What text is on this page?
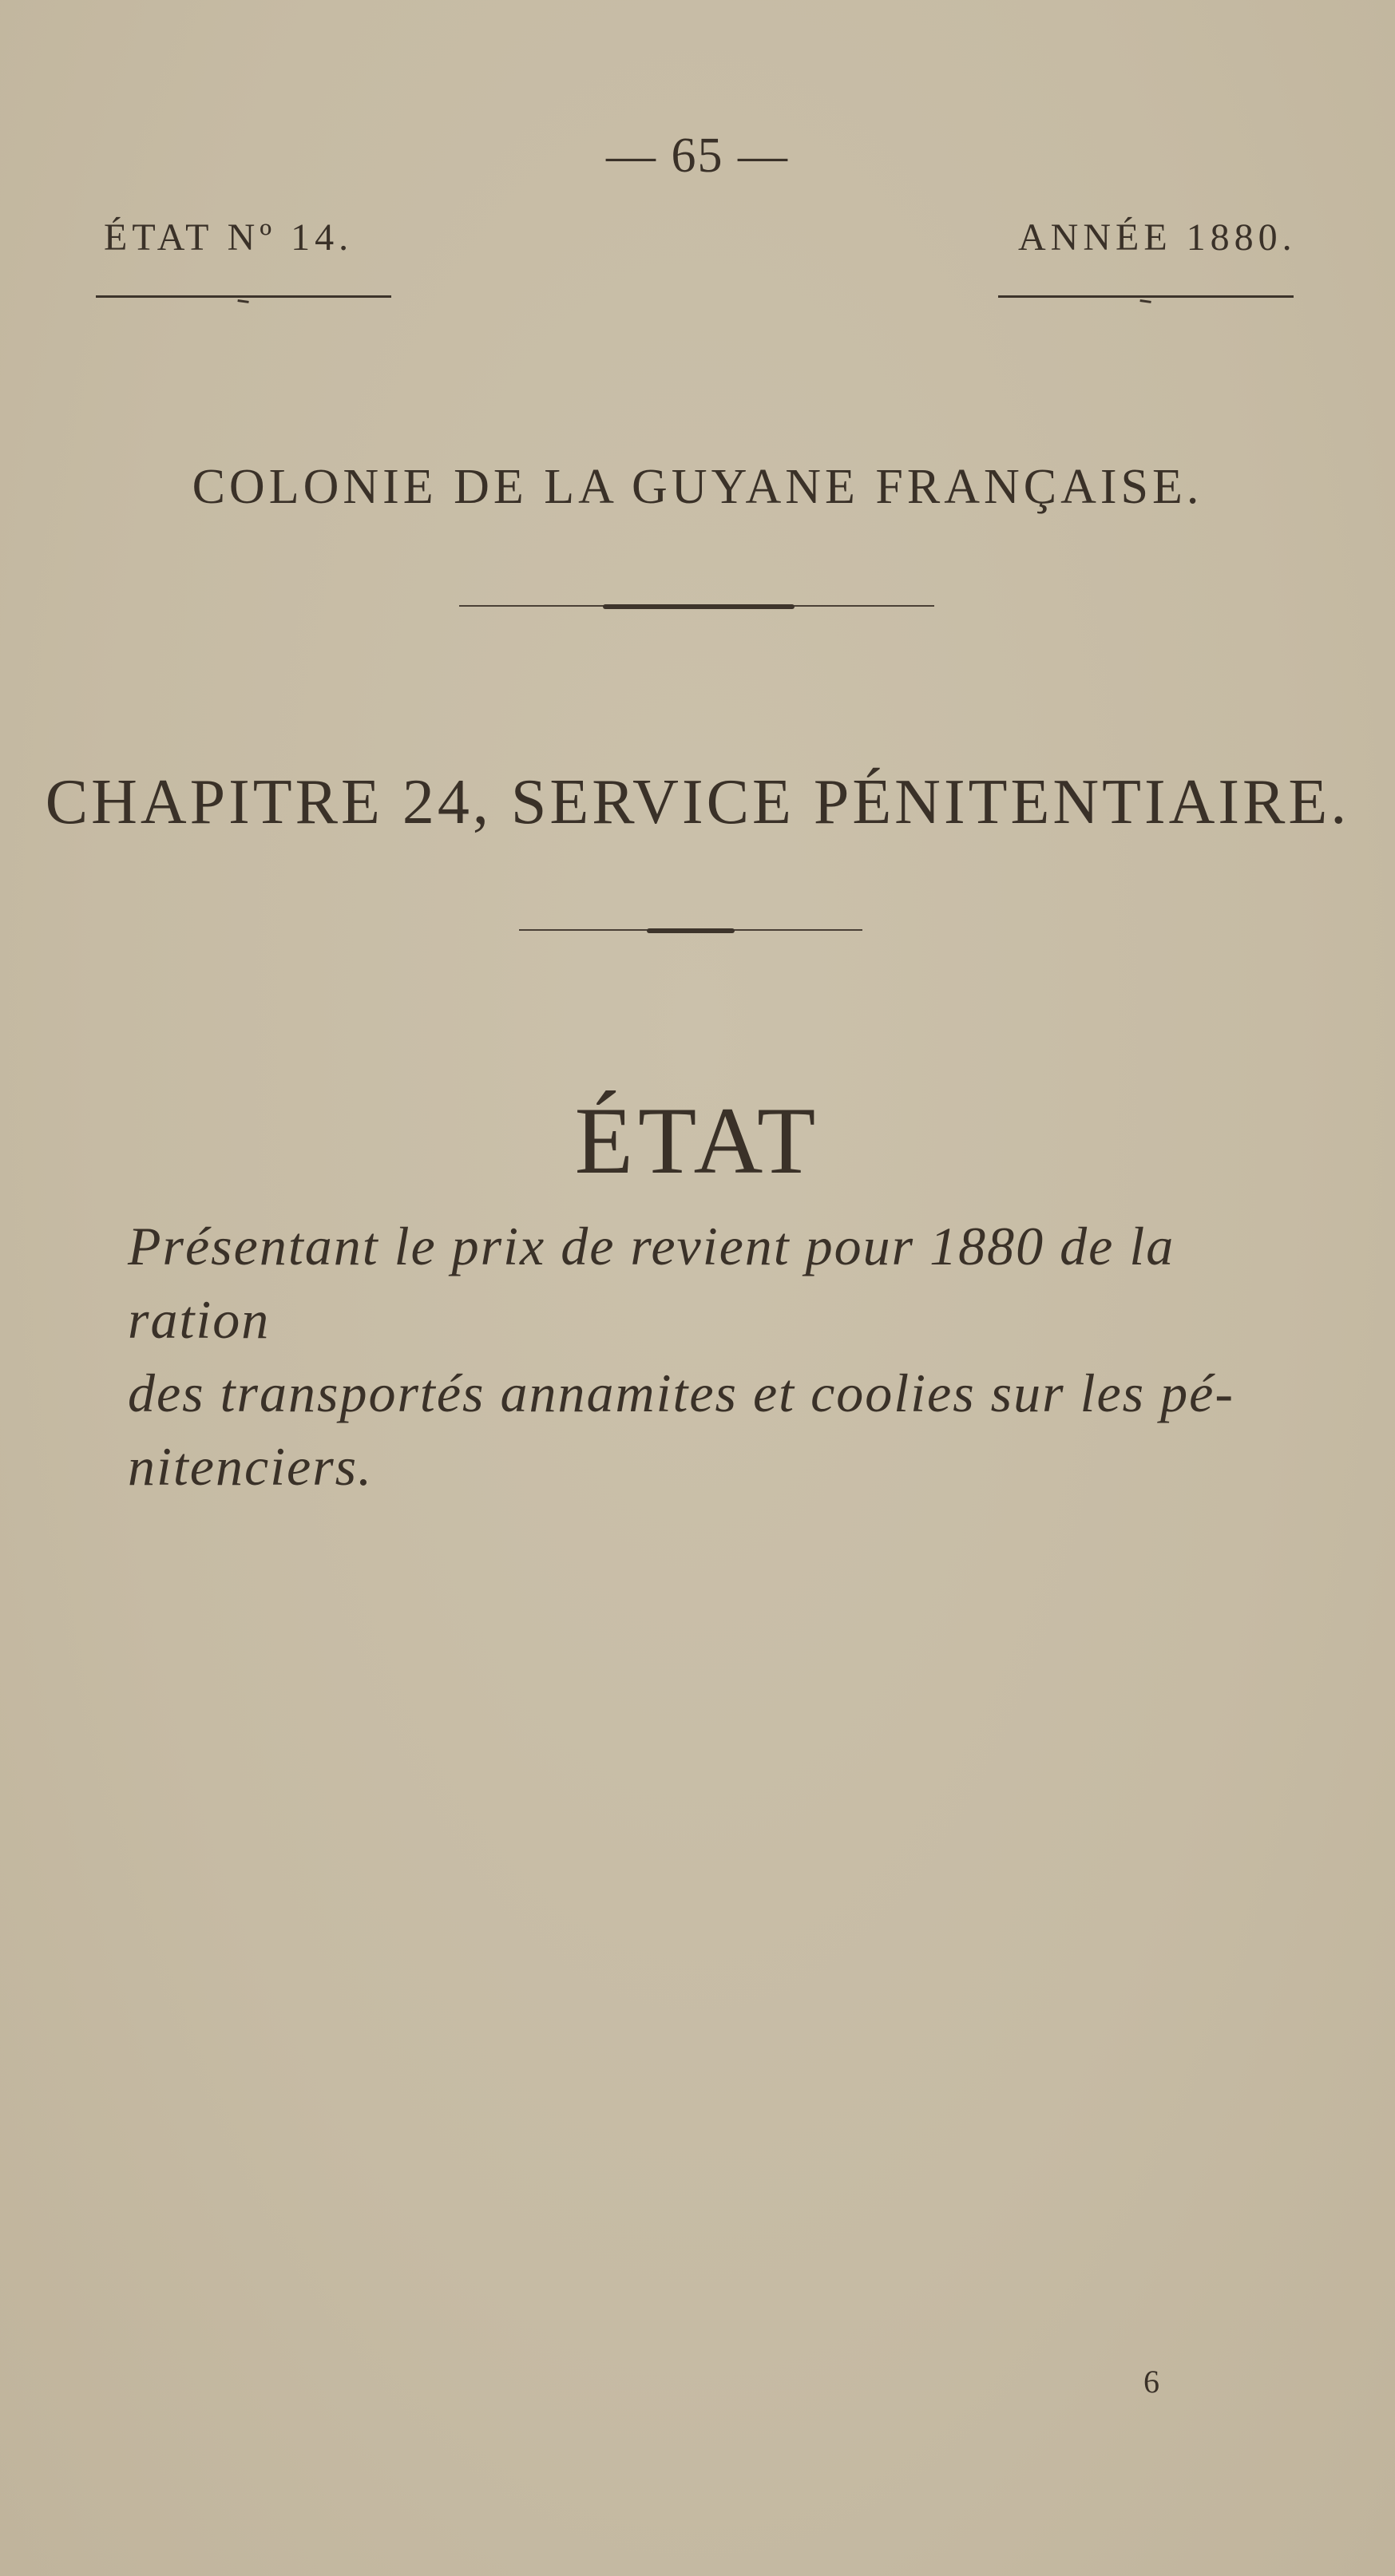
— 65 —
ÉTAT Nº 14.	ANNÉE 1880.
COLONIE DE LA GUYANE FRANÇAISE.
CHAPITRE 24, SERVICE PÉNITENTIAIRE.
ÉTAT
Présentant le prix de revient pour 1880 de la ration
des transportés annamites et coolies sur les pé-
nitenciers.
6
